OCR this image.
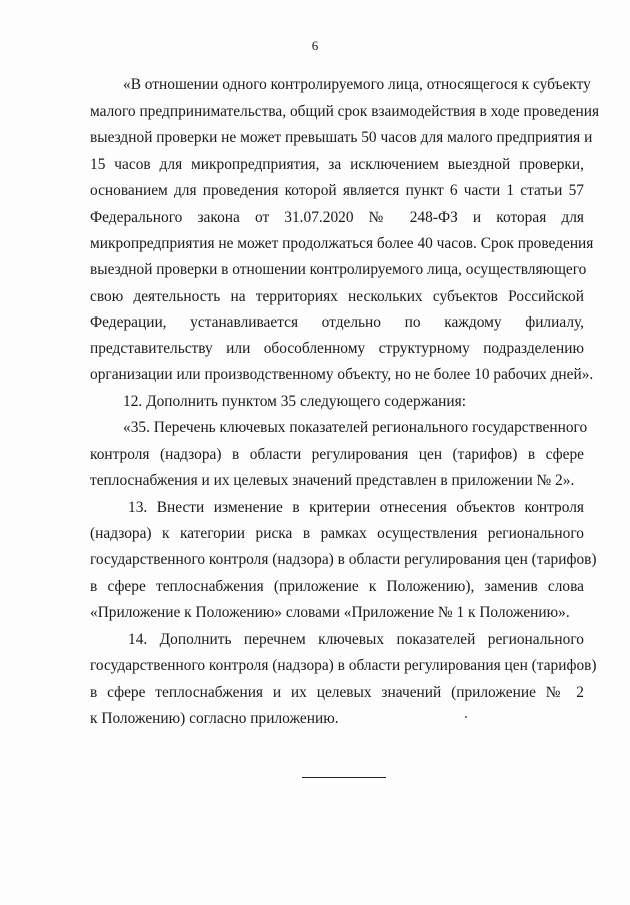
6

«В отношении одного контролируемого лица, относящегося к субъекту

малого предпринимательства, общий срок взаимодействия в ходе проведения

выездной проверки не может превышать 50 часов для малого предприятия и

15 часов для микропредприятия, за исключением выездной проверки,

основанием для проведения которой является пункт 6 части 1 статьи 57

Федерального закона от 31.07.2020 № 248-ФЗ и которая для

микропредприятия не может продолжаться более 40 часов. Срок проведения

выездной проверки в отношении контролируемого лица, осуществляющего

свою деятельность на территориях нескольких субъектов Российской

Федерации, устанавливается отдельно по каждому филиалу,

представительству или обособленному структурному подразделению

организации или производственному объекту, но не более 10 рабочих дней».

12. Дополнить пунктом 35 следующего содержания:

«35. Перечень ключевых показателей регионального государственного

контроля (надзора) в области регулирования цен (тарифов) в сфере

теплоснабжения и их целевых значений представлен в приложении № 2».

13. Внести изменение в критерии отнесения объектов контроля

(надзора) к категории риска в рамках осуществления регионального

государственного контроля (надзора) в области регулирования цен (тарифов)

в сфере теплоснабжения (приложение к Положению), заменив слова

«Приложение к Положению» словами «Приложение № 1 к Положению».

14. Дополнить перечнем ключевых показателей регионального

государственного контроля (надзора) в области регулирования цен (тарифов)

в сфере теплоснабжения и их целевых значений (приложение № 2

к Положению) согласно приложению.
